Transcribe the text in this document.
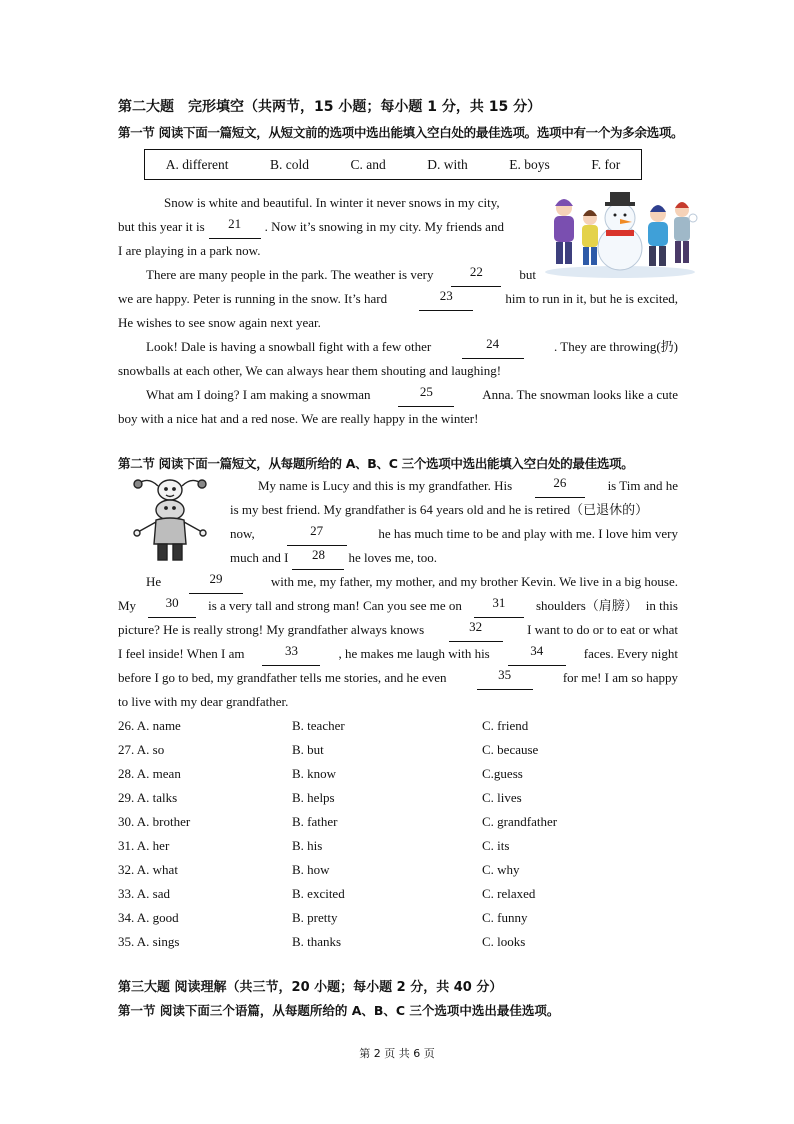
第二大题　完形填空（共两节，15 小题；每小题 1 分，共 15 分）
第一节 阅读下面一篇短文，从短文前的选项中选出能填入空白处的最佳选项。选项中有一个为多余选项。
A. different	B. cold	C. and	D. with	E. boys	F. for
Snow is white and beautiful. In winter it never snows in my city,
but this year it is	21	. Now it’s snowing in my city. My friends and
I are playing in a park now.
There are many people in the park. The weather is very	22	but
we are happy. Peter is running in the snow. It’s hard	23	him to run in it, but he is excited,
He wishes to see snow again next year.
Look! Dale is having a snowball fight with a few other	24	. They are throwing(扔)
snowballs at each other, We can always hear them shouting and laughing!
What am I doing? I am making a snowman	25	Anna. The snowman looks like a cute
boy with a nice hat and a red nose. We are really happy in the winter!
第二节 阅读下面一篇短文，从每题所给的 A、B、C 三个选项中选出能填入空白处的最佳选项。
My name is Lucy and this is my grandfather. His	26	is Tim and he
is my best friend. My grandfather is 64 years old and he is retired（已退休的）
now,	27	he has much time to be and play with me. I love him very
much and I	28	he loves me, too.
He	29	with me, my father, my mother, and my brother Kevin. We live in a big house.
My	30	is a very tall and strong man! Can you see me on	31	shoulders（肩膀） in this
picture? He is really strong! My grandfather always knows	32	I want to do or to eat or what
I feel inside! When I am	33	, he makes me laugh with his	34	faces. Every night
before I go to bed, my grandfather tells me stories, and he even	35	for me! I am so happy
to live with my dear grandfather.
26. A. name	B. teacher	C. friend
27. A. so	B. but	C. because
28. A. mean	B. know	C.guess
29. A. talks	B. helps	C. lives
30. A. brother	B. father	C. grandfather
31. A. her	B. his	C. its
32. A. what	B. how	C. why
33. A. sad	B. excited	C. relaxed
34. A. good	B. pretty	C. funny
35. A. sings	B. thanks	C. looks
第三大题 阅读理解（共三节，20 小题；每小题 2 分，共 40 分）
第一节 阅读下面三个语篇，从每题所给的 A、B、C 三个选项中选出最佳选项。
第 2 页 共 6 页
